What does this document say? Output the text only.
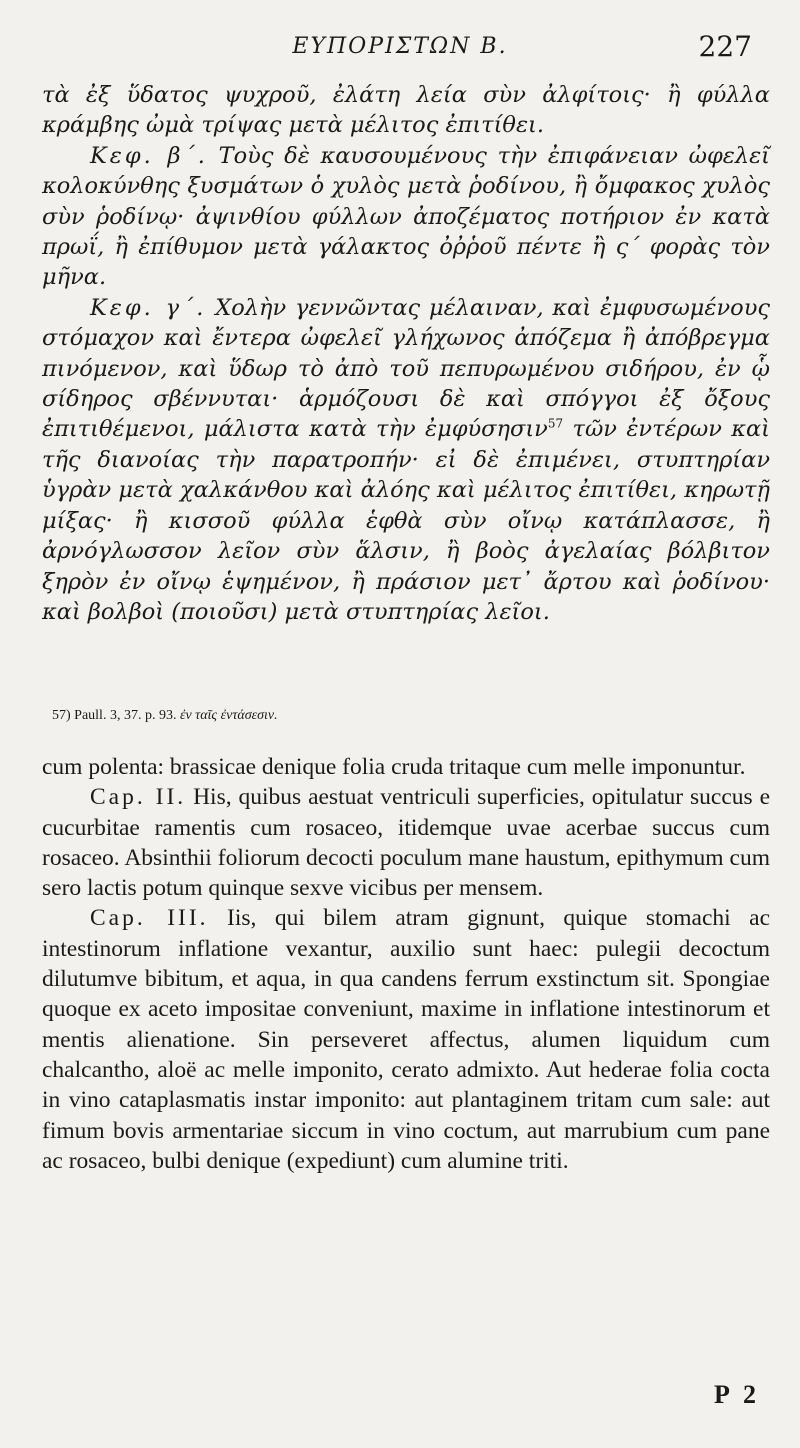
ΕΥΠΟΡΙΣΤΩΝ Β.	227

τὰ ἐξ ὕδατος ψυχροῦ, ἐλάτη λεία σὺν ἀλφίτοις· ἢ φύλλα κράμβης ὠμὰ τρίψας μετὰ μέλιτος ἐπιτίθει.

Κεφ. β΄. Τοὺς δὲ καυσουμένους τὴν ἐπιφάνειαν ὠφελεῖ κολοκύνθης ξυσμάτων ὁ χυλὸς μετὰ ῥοδίνου, ἢ ὄμφακος χυλὸς σὺν ῥοδίνῳ· ἀψινθίου φύλλων ἀποζέματος ποτήριον ἐν κατὰ πρωΐ, ἢ ἐπίθυμον μετὰ γάλακτος ὀῤῥοῦ πέντε ἢ ς΄ φορὰς τὸν μῆνα.

Κεφ. γ΄. Χολὴν γεννῶντας μέλαιναν, καὶ ἐμφυσωμένους στόμαχον καὶ ἔντερα ὠφελεῖ γλήχωνος ἀπόζεμα ἢ ἀπόβρεγμα πινόμενον, καὶ ὕδωρ τὸ ἀπὸ τοῦ πεπυρωμένου σιδήρου, ἐν ᾧ σίδηρος σβέννυται· ἁρμόζουσι δὲ καὶ σπόγγοι ἐξ ὄξους ἐπιτιθέμενοι, μάλιστα κατὰ τὴν ἐμφύσησιν$^{57}$ τῶν ἐντέρων καὶ τῆς διανοίας τὴν παρατροπήν· εἰ δὲ ἐπιμένει, στυπτηρίαν ὑγρὰν μετὰ χαλκάνθου καὶ ἀλόης καὶ μέλιτος ἐπιτίθει, κηρωτῇ μίξας· ἢ κισσοῦ φύλλα ἑφθὰ σὺν οἴνῳ κατάπλασσε, ἢ ἀρνόγλωσσον λεῖον σὺν ἅλσιν, ἢ βοὸς ἀγελαίας βόλβιτον ξηρὸν ἐν οἴνῳ ἑψημένον, ἢ πράσιον μετ᾽ ἄρτου καὶ ῥοδίνου· καὶ βολβοὶ (ποιοῦσι) μετὰ στυπτηρίας λεῖοι.

57) Paull. 3, 37. p. 93. ἐν ταῖς ἐντάσεσιν.

cum polenta: brassicae denique folia cruda tritaque cum melle imponuntur.

Cap. II. His, quibus aestuat ventriculi superficies, opitulatur succus e cucurbitae ramentis cum rosaceo, itidemque uvae acerbae succus cum rosaceo. Absinthii foliorum decocti poculum mane haustum, epithymum cum sero lactis potum quinque sexve vicibus per mensem.

Cap. III. Iis, qui bilem atram gignunt, quique stomachi ac intestinorum inflatione vexantur, auxilio sunt haec: pulegii decoctum dilutumve bibitum, et aqua, in qua candens ferrum exstinctum sit. Spongiae quoque ex aceto impositae conveniunt, maxime in inflatione intestinorum et mentis alienatione. Sin perseveret affectus, alumen liquidum cum chalcantho, aloë ac melle imponito, cerato admixto. Aut hederae folia cocta in vino cataplasmatis instar imponito: aut plantaginem tritam cum sale: aut fimum bovis armentariae siccum in vino coctum, aut marrubium cum pane ac rosaceo, bulbi denique (expediunt) cum alumine triti.

P 2
